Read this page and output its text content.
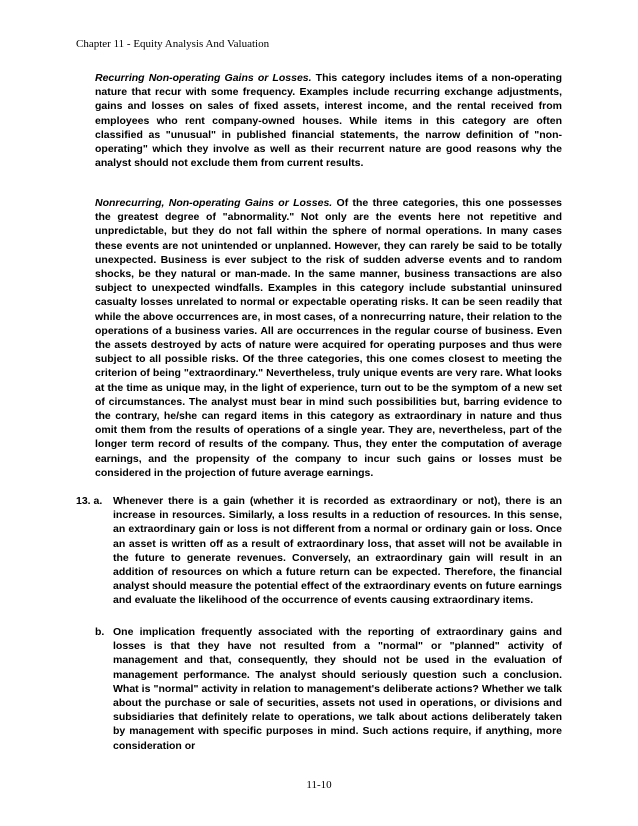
Chapter 11 - Equity Analysis And Valuation

Recurring Non-operating Gains or Losses. This category includes items of a non-operating nature that recur with some frequency. Examples include recurring exchange adjustments, gains and losses on sales of fixed assets, interest income, and the rental received from employees who rent company-owned houses. While items in this category are often classified as "unusual" in published financial statements, the narrow definition of "non-operating" which they involve as well as their recurrent nature are good reasons why the analyst should not exclude them from current results.

Nonrecurring, Non-operating Gains or Losses. Of the three categories, this one possesses the greatest degree of "abnormality." Not only are the events here not repetitive and unpredictable, but they do not fall within the sphere of normal operations. In many cases these events are not unintended or unplanned. However, they can rarely be said to be totally unexpected. Business is ever subject to the risk of sudden adverse events and to random shocks, be they natural or man-made. In the same manner, business transactions are also subject to unexpected windfalls. Examples in this category include substantial uninsured casualty losses unrelated to normal or expectable operating risks. It can be seen readily that while the above occurrences are, in most cases, of a nonrecurring nature, their relation to the operations of a business varies. All are occurrences in the regular course of business. Even the assets destroyed by acts of nature were acquired for operating purposes and thus were subject to all possible risks. Of the three categories, this one comes closest to meeting the criterion of being "extraordinary." Nevertheless, truly unique events are very rare. What looks at the time as unique may, in the light of experience, turn out to be the symptom of a new set of circumstances. The analyst must bear in mind such possibilities but, barring evidence to the contrary, he/she can regard items in this category as extraordinary in nature and thus omit them from the results of operations of a single year. They are, nevertheless, part of the longer term record of results of the company. Thus, they enter the computation of average earnings, and the propensity of the company to incur such gains or losses must be considered in the projection of future average earnings.

13. a. Whenever there is a gain (whether it is recorded as extraordinary or not), there is an increase in resources. Similarly, a loss results in a reduction of resources. In this sense, an extraordinary gain or loss is not different from a normal or ordinary gain or loss. Once an asset is written off as a result of extraordinary loss, that asset will not be available in the future to generate revenues. Conversely, an extraordinary gain will result in an addition of resources on which a future return can be expected. Therefore, the financial analyst should measure the potential effect of the extraordinary events on future earnings and evaluate the likelihood of the occurrence of events causing extraordinary items.

b. One implication frequently associated with the reporting of extraordinary gains and losses is that they have not resulted from a "normal" or "planned" activity of management and that, consequently, they should not be used in the evaluation of management performance. The analyst should seriously question such a conclusion. What is "normal" activity in relation to management's deliberate actions? Whether we talk about the purchase or sale of securities, assets not used in operations, or divisions and subsidiaries that definitely relate to operations, we talk about actions deliberately taken by management with specific purposes in mind. Such actions require, if anything, more consideration or

11-10
